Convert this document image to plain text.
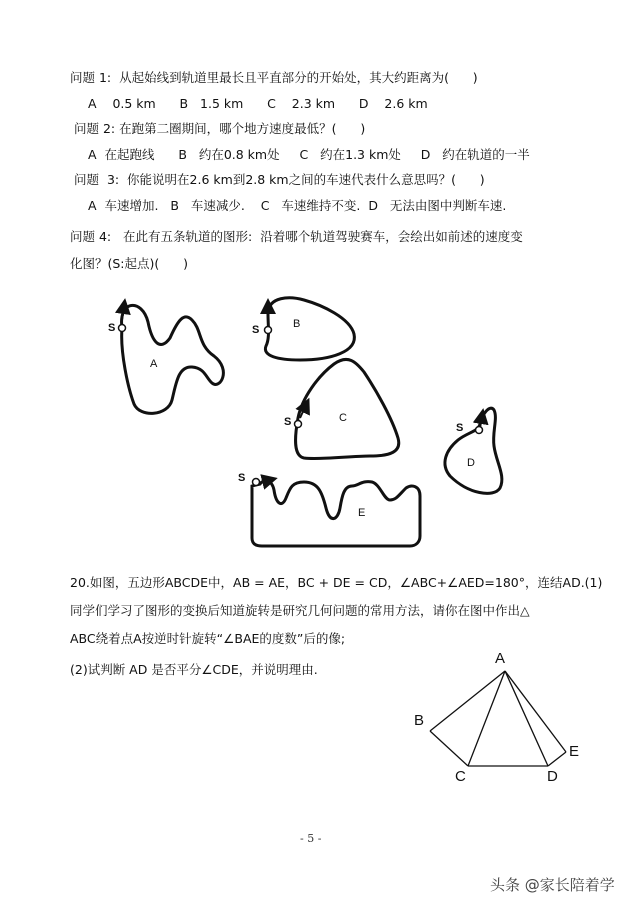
问题 1:  从起始线到轨道里最长且平直部分的开始处，其大约距离为(      )
A    0.5 km      B   1.5 km      C    2.3 km      D    2.6 km
问题 2: 在跑第二圈期间，哪个地方速度最低？(      )
A  在起跑线      B   约在0.8 km处     C   约在1.3 km处     D   约在轨道的一半
问题  3:  你能说明在2.6 km到2.8 km之间的车速代表什么意思吗？(      )
A  车速增加.   B   车速减少.    C   车速维持不变.  D   无法由图中判断车速.
问题 4:   在此有五条轨道的图形:  沿着哪个轨道驾驶赛车，会绘出如前述的速度变
化图？(S:起点)(      )
S
A
S	B
S	C
S
D
S
E
20.如图，五边形ABCDE中，AB = AE，BC + DE = CD，∠ABC+∠AED=180°，连结AD.(1)
同学们学习了图形的变换后知道旋转是研究几何问题的常用方法，请你在图中作出△
ABC绕着点A按逆时针旋转“∠BAE的度数”后的像;
(2)试判断 AD 是否平分∠CDE，并说明理由.
A
B
C	D
E
- 5 -
头条 @家长陪着学
